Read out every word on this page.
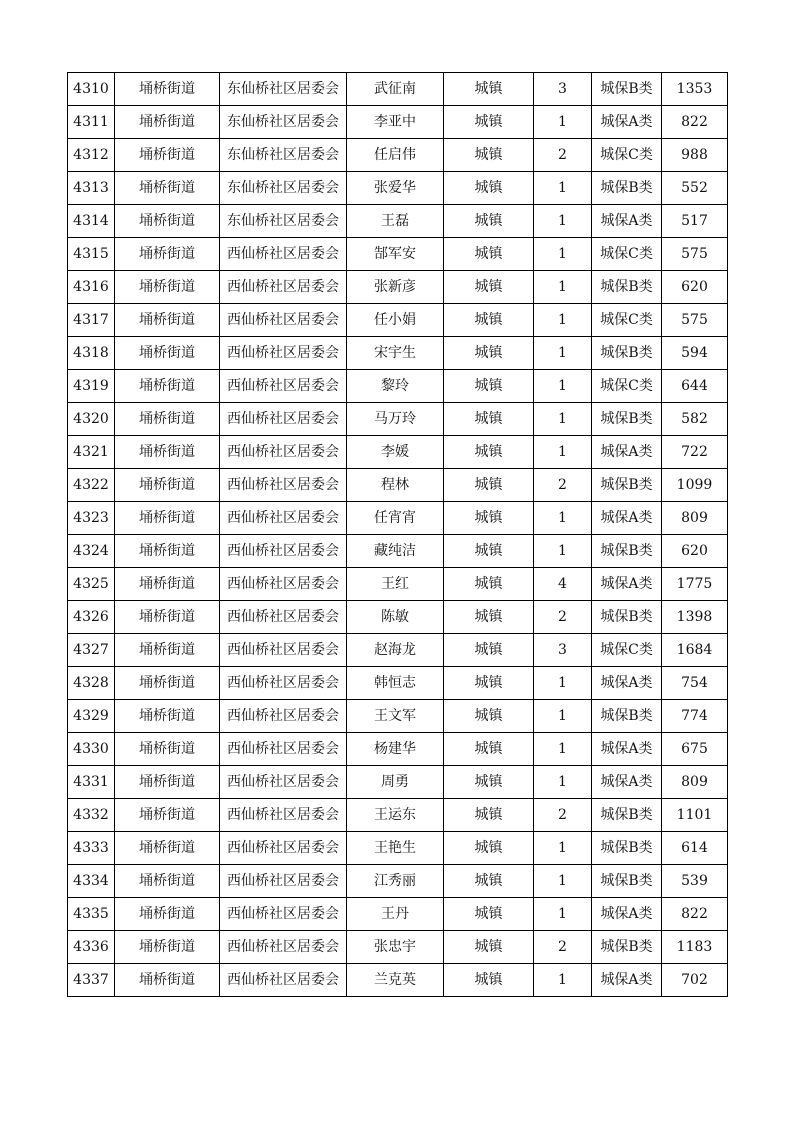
4310	埇桥街道	东仙桥社区居委会	武征南	城镇	3	城保B类	1353
4311	埇桥街道	东仙桥社区居委会	李亚中	城镇	1	城保A类	822
4312	埇桥街道	东仙桥社区居委会	任启伟	城镇	2	城保C类	988
4313	埇桥街道	东仙桥社区居委会	张爱华	城镇	1	城保B类	552
4314	埇桥街道	东仙桥社区居委会	王磊	城镇	1	城保A类	517
4315	埇桥街道	西仙桥社区居委会	郜军安	城镇	1	城保C类	575
4316	埇桥街道	西仙桥社区居委会	张新彦	城镇	1	城保B类	620
4317	埇桥街道	西仙桥社区居委会	任小娟	城镇	1	城保C类	575
4318	埇桥街道	西仙桥社区居委会	宋宇生	城镇	1	城保B类	594
4319	埇桥街道	西仙桥社区居委会	黎玲	城镇	1	城保C类	644
4320	埇桥街道	西仙桥社区居委会	马万玲	城镇	1	城保B类	582
4321	埇桥街道	西仙桥社区居委会	李媛	城镇	1	城保A类	722
4322	埇桥街道	西仙桥社区居委会	程林	城镇	2	城保B类	1099
4323	埇桥街道	西仙桥社区居委会	任宵宵	城镇	1	城保A类	809
4324	埇桥街道	西仙桥社区居委会	藏纯洁	城镇	1	城保B类	620
4325	埇桥街道	西仙桥社区居委会	王红	城镇	4	城保A类	1775
4326	埇桥街道	西仙桥社区居委会	陈敏	城镇	2	城保B类	1398
4327	埇桥街道	西仙桥社区居委会	赵海龙	城镇	3	城保C类	1684
4328	埇桥街道	西仙桥社区居委会	韩恒志	城镇	1	城保A类	754
4329	埇桥街道	西仙桥社区居委会	王文军	城镇	1	城保B类	774
4330	埇桥街道	西仙桥社区居委会	杨建华	城镇	1	城保A类	675
4331	埇桥街道	西仙桥社区居委会	周勇	城镇	1	城保A类	809
4332	埇桥街道	西仙桥社区居委会	王运东	城镇	2	城保B类	1101
4333	埇桥街道	西仙桥社区居委会	王艳生	城镇	1	城保B类	614
4334	埇桥街道	西仙桥社区居委会	江秀丽	城镇	1	城保B类	539
4335	埇桥街道	西仙桥社区居委会	王丹	城镇	1	城保A类	822
4336	埇桥街道	西仙桥社区居委会	张忠宇	城镇	2	城保B类	1183
4337	埇桥街道	西仙桥社区居委会	兰克英	城镇	1	城保A类	702
